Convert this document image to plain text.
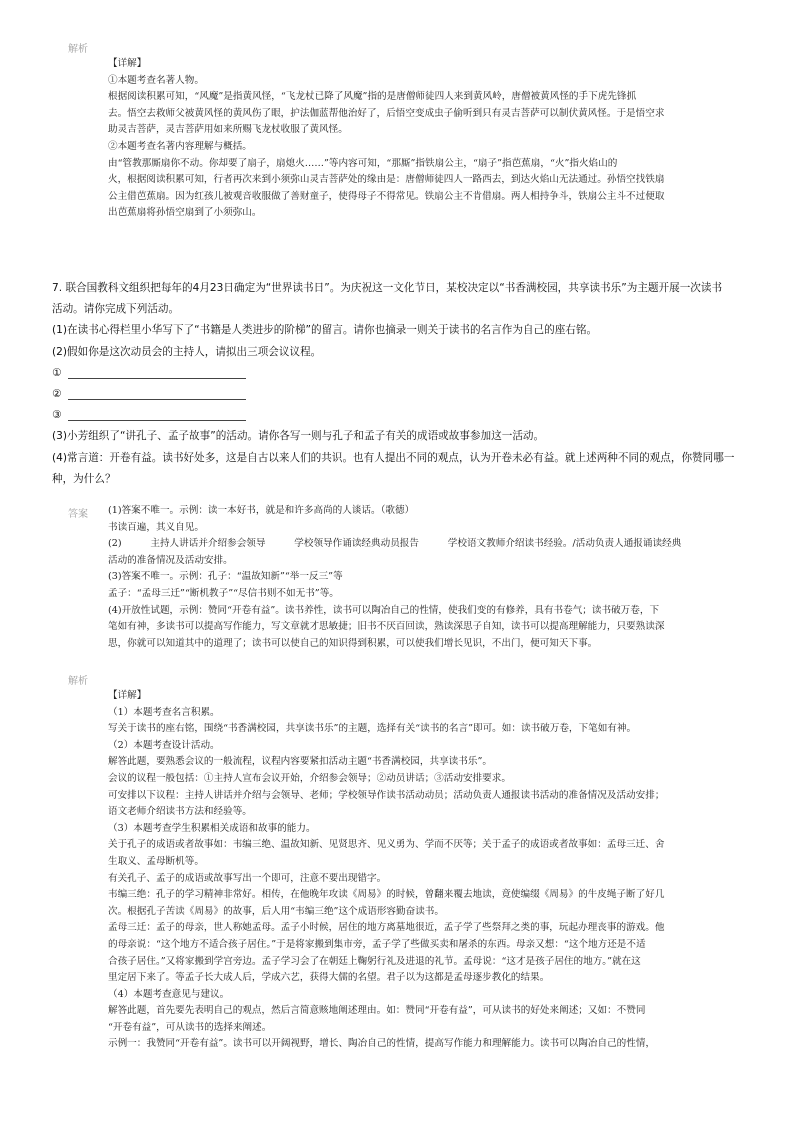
解析

【详解】

①本题考查名著人物。

根据阅读积累可知，“风魔”是指黄风怪，“飞龙杖已降了风魔”指的是唐僧师徒四人来到黄风岭，唐僧被黄风怪的手下虎先锋抓

去。悟空去救师父被黄风怪的黄风伤了眼，护法伽蓝帮他治好了，后悟空变成虫子偷听到只有灵吉菩萨可以制伏黄风怪。于是悟空求

助灵吉菩萨，灵吉菩萨用如来所赐飞龙杖收服了黄风怪。

②本题考查名著内容理解与概括。

由“管教那厮扇你不动。你却要了扇子，扇熄火……”等内容可知，“那厮”指铁扇公主，“扇子”指芭蕉扇，“火”指火焰山的

火，根据阅读积累可知，行者再次来到小须弥山灵吉菩萨处的缘由是：唐僧师徒四人一路西去，到达火焰山无法通过。孙悟空找铁扇

公主借芭蕉扇。因为红孩儿被观音收服做了善财童子，使得母子不得常见。铁扇公主不肯借扇。两人相持争斗，铁扇公主斗不过便取

出芭蕉扇将孙悟空扇到了小须弥山。

7. 联合国教科文组织把每年的4月23日确定为“世界读书日”。为庆祝这一文化节日，某校决定以“书香满校园，共享读书乐”为主题开展一次读书

活动。请你完成下列活动。

(1)在读书心得栏里小华写下了“书籍是人类进步的阶梯”的留言。请你也摘录一则关于读书的名言作为自己的座右铭。

(2)假如你是这次动员会的主持人，请拟出三项会议议程。

①

②

③

(3)小芳组织了“讲孔子、孟子故事”的活动。请你各写一则与孔子和孟子有关的成语或故事参加这一活动。

(4)常言道：开卷有益。读书好处多，这是自古以来人们的共识。也有人提出不同的观点，认为开卷未必有益。就上述两种不同的观点，你赞同哪一

种，为什么？

答案 (1)答案不唯一。示例：读一本好书，就是和许多高尚的人谈话。（歌德）

书读百遍，其义自见。

(2)　　　主持人讲话并介绍参会领导　　　学校领导作诵读经典动员报告　　　学校语文教师介绍读书经验。/活动负责人通报诵读经典

活动的准备情况及活动安排。

(3)答案不唯一。示例：孔子：“温故知新”“举一反三”等

孟子：“孟母三迁”“断机教子”“尽信书则不如无书”等。

(4)开放性试题，示例：赞同“开卷有益”。读书养性，读书可以陶冶自己的性情，使我们变的有修养，具有书卷气；读书破万卷，下

笔如有神，多读书可以提高写作能力，写文章就才思敏捷；旧书不厌百回读，熟读深思子自知，读书可以提高理解能力，只要熟读深

思，你就可以知道其中的道理了；读书可以使自己的知识得到积累，可以使我们增长见识，不出门，便可知天下事。

解析

【详解】

（1）本题考查名言积累。

写关于读书的座右铭，围绕“书香满校园，共享读书乐”的主题，选择有关“读书的名言”即可。如：读书破万卷，下笔如有神。

（2）本题考查设计活动。

解答此题，要熟悉会议的一般流程，议程内容要紧扣活动主题“书香满校园，共享读书乐”。

会议的议程一般包括：①主持人宣布会议开始，介绍参会领导；②动员讲话；③活动安排要求。

可安排以下议程：主持人讲话并介绍与会领导、老师；学校领导作读书活动动员；活动负责人通报读书活动的准备情况及活动安排；

语文老师介绍读书方法和经验等。

（3）本题考查学生积累相关成语和故事的能力。

关于孔子的成语或者故事如：韦编三绝、温故知新、见贤思齐、见义勇为、学而不厌等；关于孟子的成语或者故事如：孟母三迁、舍

生取义、孟母断机等。

有关孔子、孟子的成语或故事写出一个即可，注意不要出现错字。

韦编三绝：孔子的学习精神非常好。相传，在他晚年攻读《周易》的时候，曾翻来覆去地读，竟使编缀《周易》的牛皮绳子断了好几

次。根据孔子苦读《周易》的故事，后人用“韦编三绝”这个成语形容勤奋读书。

孟母三迁：孟子的母亲，世人称她孟母。孟子小时候，居住的地方离墓地很近，孟子学了些祭拜之类的事，玩起办理丧事的游戏。他

的母亲说：“这个地方不适合孩子居住。”于是将家搬到集市旁，孟子学了些做买卖和屠杀的东西。母亲又想：“这个地方还是不适

合孩子居住。”又将家搬到学宫旁边。孟子学习会了在朝廷上鞠躬行礼及进退的礼节。孟母说：“这才是孩子居住的地方。”就在这

里定居下来了。等孟子长大成人后，学成六艺，获得大儒的名望。君子以为这都是孟母逐步教化的结果。

（4）本题考查意见与建议。

解答此题，首先要先表明自己的观点，然后言简意赅地阐述理由。如：赞同“开卷有益”，可从读书的好处来阐述；又如：不赞同

“开卷有益”，可从读书的选择来阐述。

示例一：我赞同“开卷有益”。读书可以开阔视野，增长、陶冶自己的性情，提高写作能力和理解能力。读书可以陶冶自己的性情，
